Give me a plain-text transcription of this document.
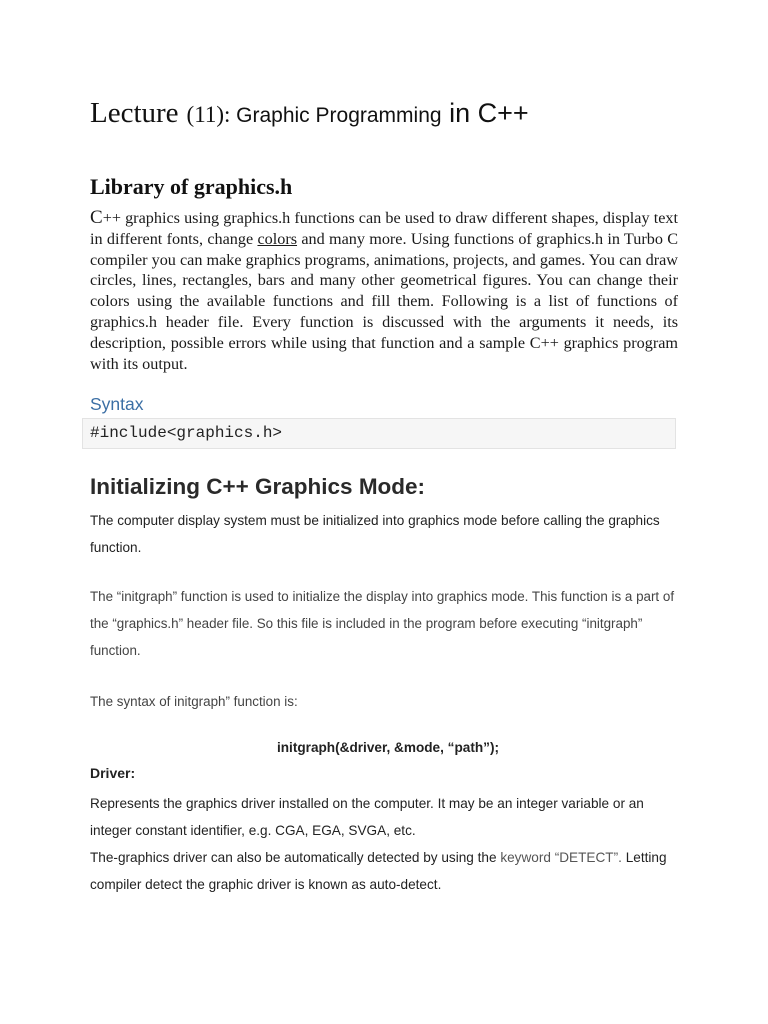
Lecture (11): Graphic Programming in C++
Library of graphics.h

C++ graphics using graphics.h functions can be used to draw different shapes, display text in different fonts, change colors and many more. Using functions of graphics.h in Turbo C compiler you can make graphics programs, animations, projects, and games. You can draw circles, lines, rectangles, bars and many other geometrical figures. You can change their colors using the available functions and fill them. Following is a list of functions of graphics.h header file. Every function is discussed with the arguments it needs, its description, possible errors while using that function and a sample C++ graphics program with its output.

Syntax
#include<graphics.h>
Initializing C++ Graphics Mode:

The computer display system must be initialized into graphics mode before calling the graphics function.

The “initgraph” function is used to initialize the display into graphics mode. This function is a part of the “graphics.h” header file. So this file is included in the program before executing “initgraph” function.

The syntax of initgraph” function is:

initgraph(&driver, &mode, “path”);

Driver:

Represents the graphics driver installed on the computer. It may be an integer variable or an integer constant identifier, e.g. CGA, EGA, SVGA, etc.

The-graphics driver can also be automatically detected by using the keyword “DETECT”. Letting compiler detect the graphic driver is known as auto-detect.
